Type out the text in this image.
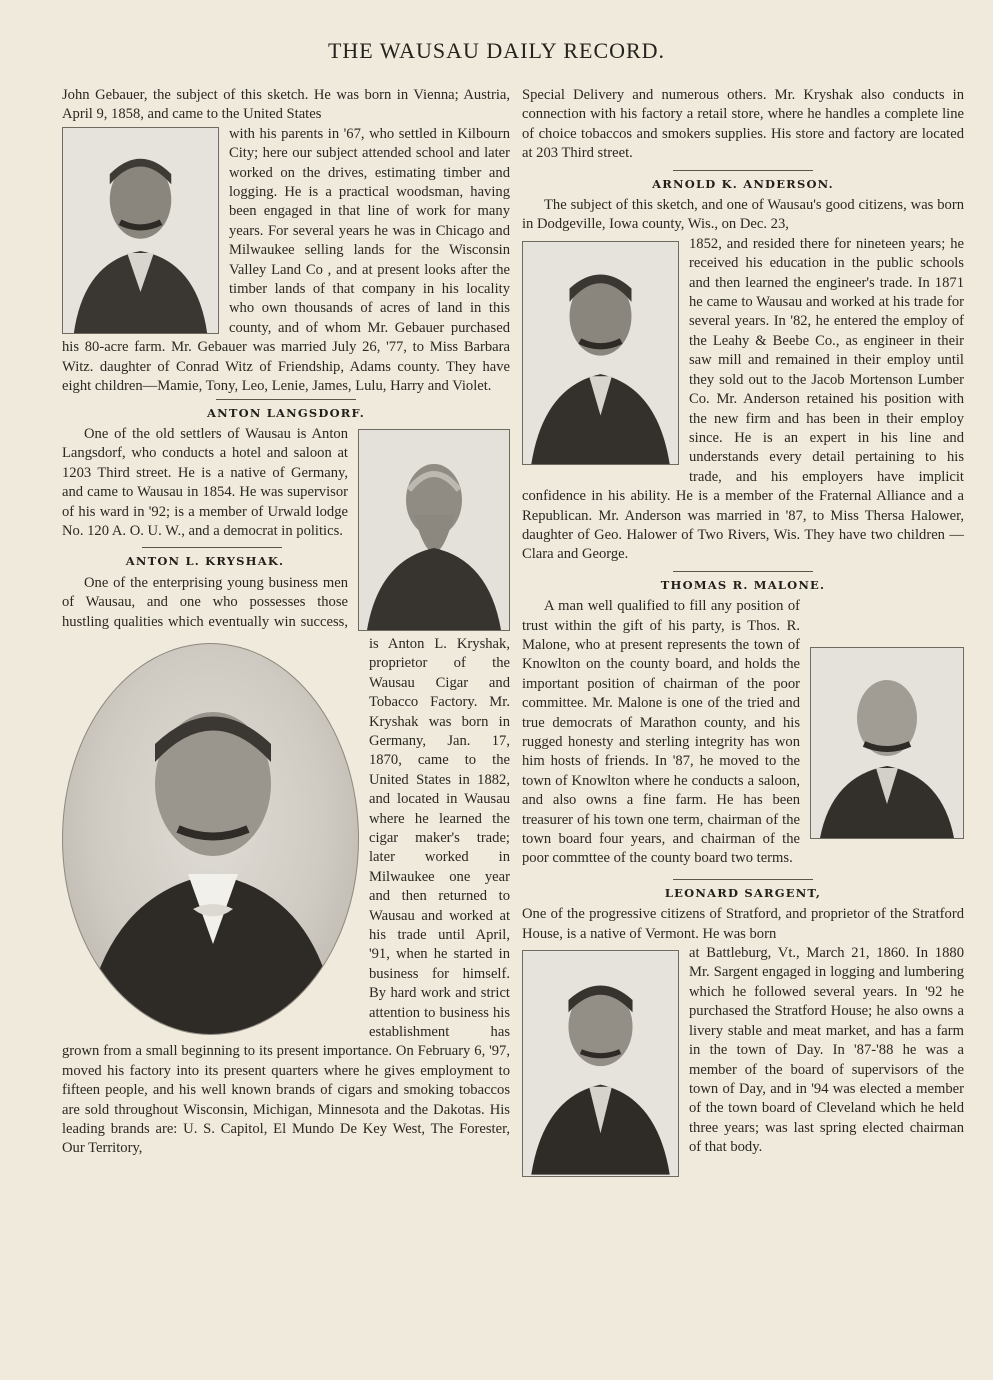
THE WAUSAU DAILY RECORD.

John Gebauer, the subject of this sketch. He was born in Vienna; Austria, April 9, 1858, and came to the United States

with his parents in '67, who settled in Kilbourn City; here our subject attended school and later worked on the drives, estimating timber and logging. He is a practical woodsman, having been engaged in that line of work for many years. For several years he was in Chicago and Milwaukee selling lands for the Wisconsin Valley Land Co , and at present looks after the timber lands of that company in his locality who own thousands of acres of land in this county, and of whom Mr. Gebauer purchased his 80-acre farm. Mr. Gebauer was married July 26, '77, to Miss Barbara Witz. daughter of Conrad Witz of Friendship, Adams county. They have eight children—Mamie, Tony, Leo, Lenie, James, Lulu, Harry and Violet.

ANTON LANGSDORF.

One of the old settlers of Wausau is Anton Langsdorf, who conducts a hotel and saloon at 1203 Third street. He is a native of Germany, and came to Wausau in 1854. He was supervisor of his ward in '92; is a member of Urwald lodge No. 120 A. O. U. W., and a democrat in politics.

ANTON L. KRYSHAK.

One of the enterprising young business men of Wausau, and one who possesses those hustling qualities which eventually win success, is Anton L. Kryshak, proprietor of the Wausau Cigar and Tobacco Factory. Mr. Kryshak was born in Germany, Jan. 17, 1870, came to the United States in 1882, and located in Wausau where he learned the cigar maker's trade; later worked in Milwaukee one year and then returned to Wausau and worked at his trade until April, '91, when he started in business for himself. By hard work and strict attention to business his establishment has grown from a small beginning to its present importance. On February 6, '97, moved his factory into its present quarters where he gives employment to fifteen people, and his well known brands of cigars and smoking tobaccos are sold throughout Wisconsin, Michigan, Minnesota and the Dakotas. His leading brands are: U. S. Capitol, El Mundo De Key West, The Forester, Our Territory,

Special Delivery and numerous others. Mr. Kryshak also conducts in connection with his factory a retail store, where he handles a complete line of choice tobaccos and smokers supplies. His store and factory are located at 203 Third street.

ARNOLD K. ANDERSON.

The subject of this sketch, and one of Wausau's good citizens, was born in Dodgeville, Iowa county, Wis., on Dec. 23,

1852, and resided there for nineteen years; he received his education in the public schools and then learned the engineer's trade. In 1871 he came to Wausau and worked at his trade for several years. In '82, he entered the employ of the Leahy & Beebe Co., as engineer in their saw mill and remained in their employ until they sold out to the Jacob Mortenson Lumber Co. Mr. Anderson retained his position with the new firm and has been in their employ since. He is an expert in his line and understands every detail pertaining to his trade, and his employers have implicit confidence in his ability. He is a member of the Fraternal Alliance and a Republican. Mr. Anderson was married in '87, to Miss Thersa Halower, daughter of Geo. Halower of Two Rivers, Wis. They have two children —Clara and George.

THOMAS R. MALONE.

A man well qualified to fill any position of trust within the gift of his party, is Thos. R. Malone, who at present represents the town of Knowlton on the county board, and holds the important position of chairman of the poor committee. Mr. Malone is one of the tried and true democrats of Marathon county, and his rugged honesty and sterling integrity has won him hosts of friends. In '87, he moved to the town of Knowlton where he conducts a saloon, and also owns a fine farm. He has been treasurer of his town one term, chairman of the town board four years, and chairman of the poor commttee of the county board two terms.

LEONARD SARGENT,

One of the progressive citizens of Stratford, and proprietor of the Stratford House, is a native of Vermont. He was born

at Battleburg, Vt., March 21, 1860. In 1880 Mr. Sargent engaged in logging and lumbering which he followed several years. In '92 he purchased the Stratford House; he also owns a livery stable and meat market, and has a farm in the town of Day. In '87-'88 he was a member of the board of supervisors of the town of Day, and in '94 was elected a member of the town board of Cleveland which he held three years; was last spring elected chairman of that body.
